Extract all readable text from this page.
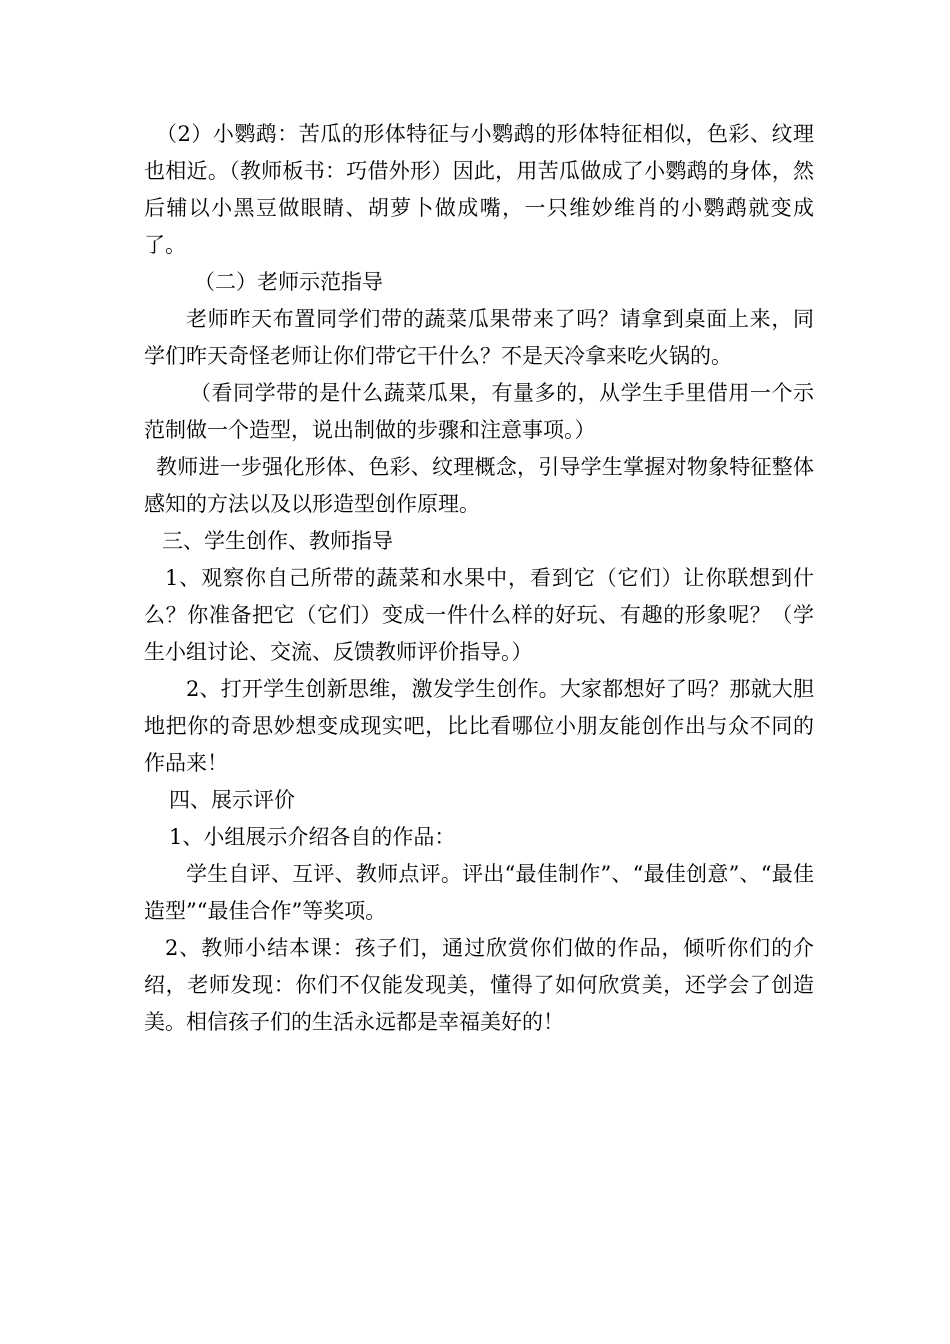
（2）小鹦鹉：苦瓜的形体特征与小鹦鹉的形体特征相似，色彩、纹理也相近。（教师板书：巧借外形）因此，用苦瓜做成了小鹦鹉的身体，然后辅以小黑豆做眼睛、胡萝卜做成嘴，一只维妙维肖的小鹦鹉就变成了。

（二）老师示范指导

老师昨天布置同学们带的蔬菜瓜果带来了吗？请拿到桌面上来，同学们昨天奇怪老师让你们带它干什么？不是天冷拿来吃火锅的。

（看同学带的是什么蔬菜瓜果，有量多的，从学生手里借用一个示范制做一个造型，说出制做的步骤和注意事项。）

教师进一步强化形体、色彩、纹理概念，引导学生掌握对物象特征整体感知的方法以及以形造型创作原理。

三、学生创作、教师指导

1、观察你自己所带的蔬菜和水果中，看到它（它们）让你联想到什么？你准备把它（它们）变成一件什么样的好玩、有趣的形象呢？（学生小组讨论、交流、反馈教师评价指导。）

2、打开学生创新思维，激发学生创作。大家都想好了吗？那就大胆地把你的奇思妙想变成现实吧，比比看哪位小朋友能创作出与众不同的作品来！

四、展示评价

1、小组展示介绍各自的作品：

学生自评、互评、教师点评。评出“最佳制作”、“最佳创意”、“最佳造型”“最佳合作”等奖项。

2、教师小结本课：孩子们，通过欣赏你们做的作品，倾听你们的介绍，老师发现：你们不仅能发现美，懂得了如何欣赏美，还学会了创造美。相信孩子们的生活永远都是幸福美好的！
